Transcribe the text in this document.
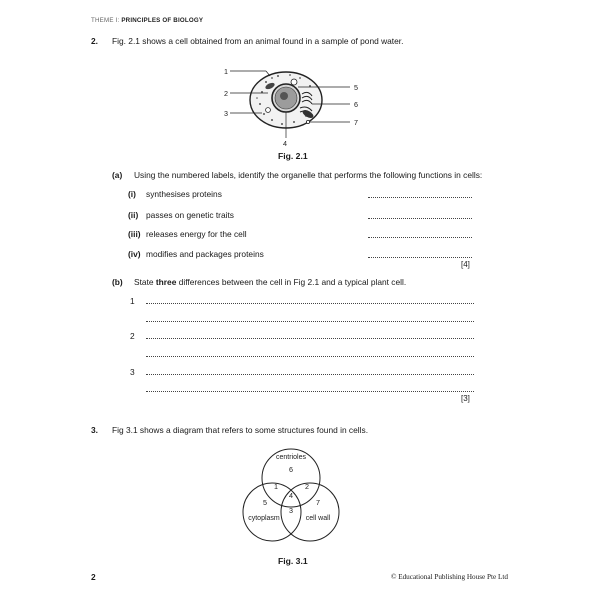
THEME I: PRINCIPLES OF BIOLOGY
2. Fig. 2.1 shows a cell obtained from an animal found in a sample of pond water.
1
2
3
4
5
6
7
Fig. 2.1
(a) Using the numbered labels, identify the organelle that performs the following functions in cells:
(i) synthesises proteins
(ii) passes on genetic traits
(iii) releases energy for the cell
(iv) modifies and packages proteins
[4]
(b) State three differences between the cell in Fig 2.1 and a typical plant cell.
1
2
3
[3]
3. Fig 3.1 shows a diagram that refers to some structures found in cells.
centrioles
cytoplasm	cell wall
1	2
3
4
5
6
7
Fig. 3.1
2	© Educational Publishing House Pte Ltd
